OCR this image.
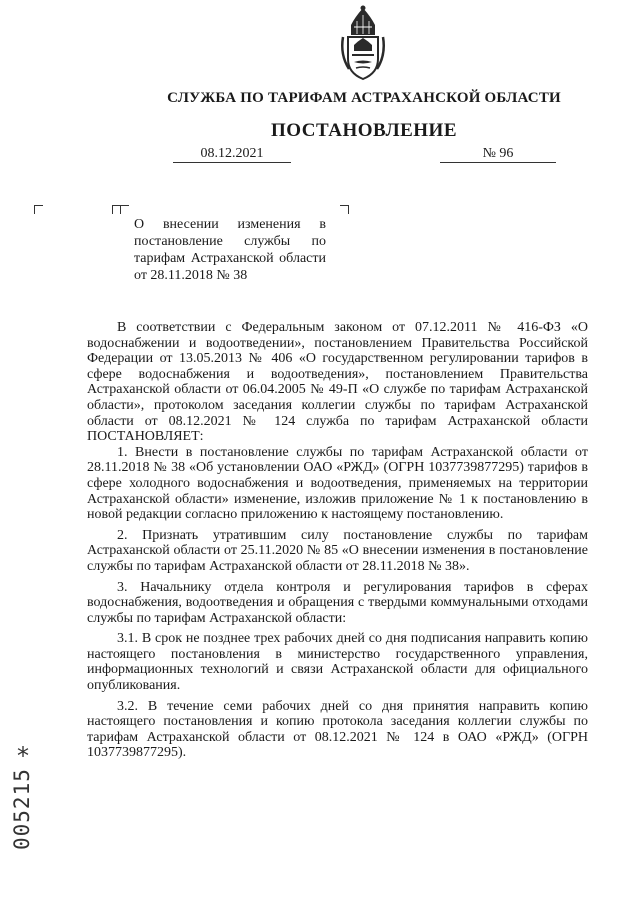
СЛУЖБА ПО ТАРИФАМ АСТРАХАНСКОЙ ОБЛАСТИ
ПОСТАНОВЛЕНИЕ
08.12.2021	№ 96
О внесении изменения в постановление службы по тарифам Астраханской области от 28.11.2018 № 38

В соответствии с Федеральным законом от 07.12.2011 № 416-ФЗ «О водоснабжении и водоотведении», постановлением Правительства Российской Федерации от 13.05.2013 № 406 «О государственном регулировании тарифов в сфере водоснабжения и водоотведения», постановлением Правительства Астраханской области от 06.04.2005 № 49-П «О службе по тарифам Астраханской области», протоколом заседания коллегии службы по тарифам Астраханской области от 08.12.2021 № 124 служба по тарифам Астраханской области ПОСТАНОВЛЯЕТ:

1. Внести в постановление службы по тарифам Астраханской области от 28.11.2018 № 38 «Об установлении ОАО «РЖД» (ОГРН 1037739877295) тарифов в сфере холодного водоснабжения и водоотведения, применяемых на территории Астраханской области» изменение, изложив приложение № 1 к постановлению в новой редакции согласно приложению к настоящему постановлению.

2. Признать утратившим силу постановление службы по тарифам Астраханской области от 25.11.2020 № 85 «О внесении изменения в постановление службы по тарифам Астраханской области от 28.11.2018 № 38».

3. Начальнику отдела контроля и регулирования тарифов в сферах водоснабжения, водоотведения и обращения с твердыми коммунальными отходами службы по тарифам Астраханской области:

3.1. В срок не позднее трех рабочих дней со дня подписания направить копию настоящего постановления в министерство государственного управления, информационных технологий и связи Астраханской области для официального опубликования.

3.2. В течение семи рабочих дней со дня принятия направить копию настоящего постановления и копию протокола заседания коллегии службы по тарифам Астраханской области от 08.12.2021 № 124 в ОАО «РЖД» (ОГРН 1037739877295).

*
005215
